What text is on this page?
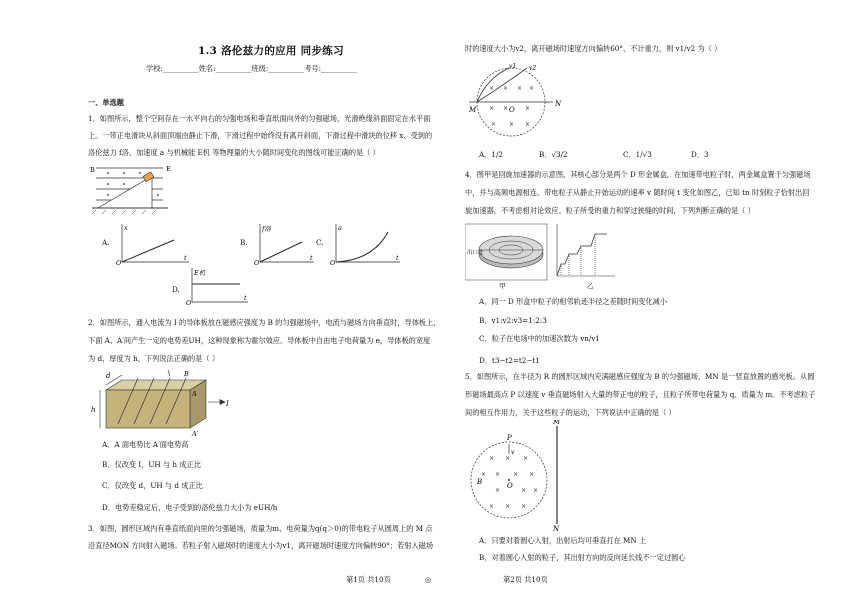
1.3 洛伦兹力的应用 同步练习
学校:__________姓名:__________班级:__________考号:__________
一、单选题
1．如图所示，整个空间存在一水平向右的匀强电场和垂直纸面向外的匀强磁场，光滑绝缘斜面固定在水平面
上。一带正电滑块从斜面顶端由静止下滑，下滑过程中始终没有离开斜面，下滑过程中滑块的位移 x、受到的
洛伦兹力 f洛、加速度 a 与机械能 E机 等物理量的大小随时间变化的图线可能正确的是（ ）
B	E
A.
x
O
t
B.
f洛
O
t
C.
a
O
t
D.
E机
O
t
2．如图所示，通入电流为 I 的导体板放在磁感应强度为 B 的匀强磁场中，电流与磁场方向垂直时，导体板上，
下面 A、A′间产生一定的电势差UH，这种现象称为霍尔效应。导体板中自由电子电荷量为 e，导体板的宽度
为 d，厚度为 h，下列说法正确的是（ ）
d
h
A
A′
B
I
A．A 面电势比 A′面电势高
B．仅改变 I，UH 与 h 成正比
C．仅改变 d，UH 与 d 成正比
D．电势差稳定后，电子受到的洛伦兹力大小为 eUH/h
3．如图，圆形区域内有垂直纸面向里的匀强磁场，质量为m、电荷量为q(q＞0)的带电粒子从圆周上的 M 点
沿直径MON 方向射入磁场。若粒子射入磁场时的速度大小为v1，离开磁场时速度方向偏转90°；若射入磁场
第1页 共10页	◎
时的速度大小为v2，离开磁场时速度方向偏转60°，不计重力，则 v1/v2 为（ ）
× × × ×
× ×	×
× × ×
M
N
O
v1 v2
A．1/2	B．√3/2	C．1/√3	D．3
4．图甲是回旋加速器的示意图，其核心部分是两个 D 形金属盒，在加速带电粒子时，两金属盒置于匀强磁场
中，并与高频电源相连。带电粒子从静止开始运动的速率 v 随时间 t 变化如图乙，已知 tn 时刻粒子恰射出回
旋加速器，不考虑相对论效应、粒子所受的重力和穿过狭缝的时间，下列判断正确的是（ ）
出口处
甲	乙
A．同一 D 形盒中粒子的相邻轨迹半径之差随时间变化减小
B．v1:v2:v3=1:2:3
C．粒子在电场中的加速次数为 vn/v1
D．t3−t2=t2−t1
5．如图所示，在半径为 R 的圆形区域内充满磁感应强度为 B 的匀强磁场，MN 是一竖直放置的感光板。从圆
形磁场最高点 P 以速度 v 垂直磁场射入大量的带正电的粒子，且粒子所带电荷量为 q、质量为 m。不考虑粒子
间的相互作用力，关于这些粒子的运动，下列说法中正确的是（ ）
× × ×
× × × ×
×	× ×
× × ×
M
N
P
O
B
v
A．只要对着圆心入射，出射后均可垂直打在 MN 上
B．对着圆心入射的粒子，其出射方向的反向延长线不一定过圆心
第2页 共10页
